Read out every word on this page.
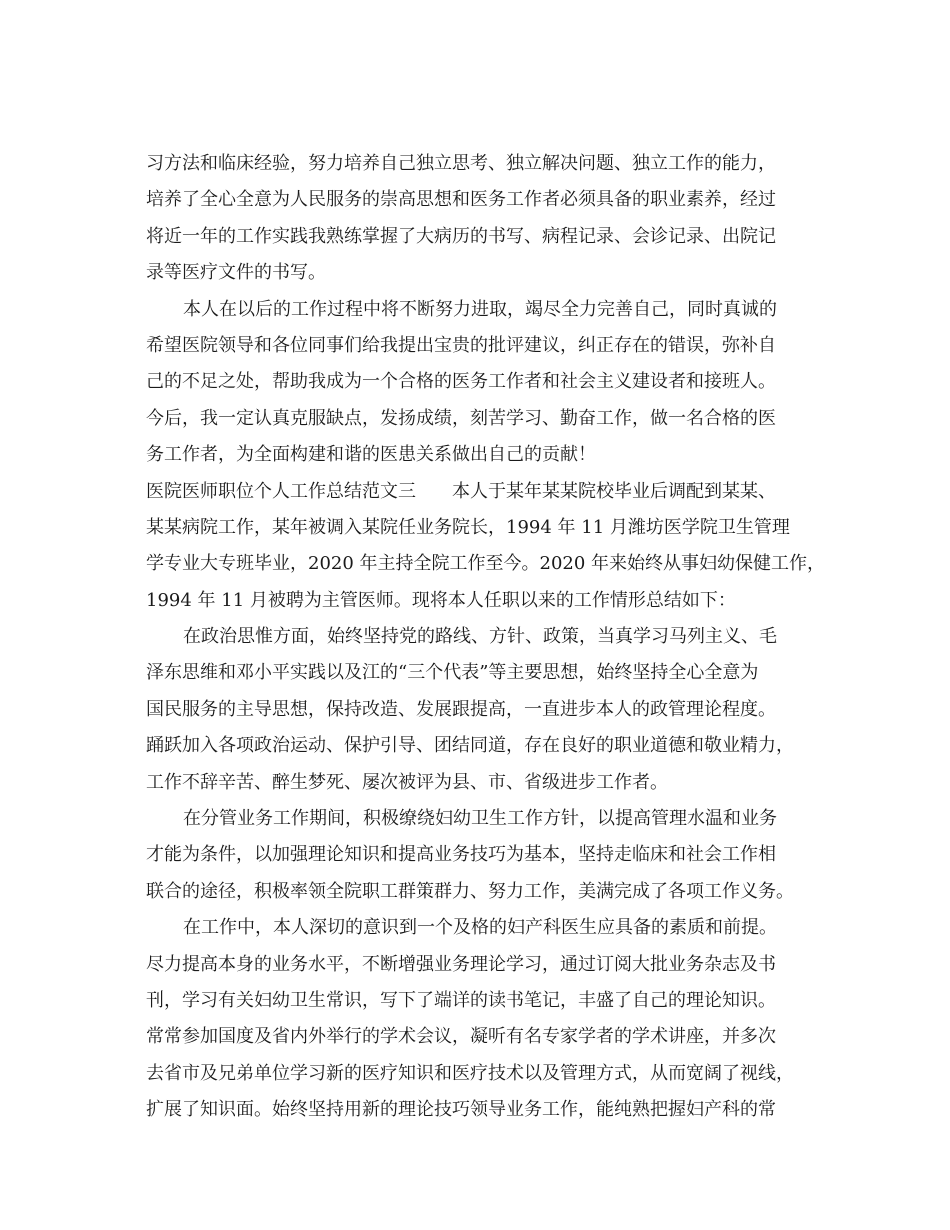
习方法和临床经验，努力培养自己独立思考、独立解决问题、独立工作的能力，
培养了全心全意为人民服务的崇高思想和医务工作者必须具备的职业素养，经过
将近一年的工作实践我熟练掌握了大病历的书写、病程记录、会诊记录、出院记
录等医疗文件的书写。
本人在以后的工作过程中将不断努力进取，竭尽全力完善自己，同时真诚的
希望医院领导和各位同事们给我提出宝贵的批评建议，纠正存在的错误，弥补自
己的不足之处，帮助我成为一个合格的医务工作者和社会主义建设者和接班人。
今后，我一定认真克服缺点，发扬成绩，刻苦学习、勤奋工作，做一名合格的医
务工作者，为全面构建和谐的医患关系做出自己的贡献！
医院医师职位个人工作总结范文三　　本人于某年某某院校毕业后调配到某某、
某某病院工作，某年被调入某院任业务院长，1994 年 11 月潍坊医学院卫生管理
学专业大专班毕业，2020 年主持全院工作至今。2020 年来始终从事妇幼保健工作，
1994 年 11 月被聘为主管医师。现将本人任职以来的工作情形总结如下：
在政治思惟方面，始终坚持党的路线、方针、政策，当真学习马列主义、毛
泽东思维和邓小平实践以及江的“三个代表”等主要思想，始终坚持全心全意为
国民服务的主导思想，保持改造、发展跟提高，一直进步本人的政管理论程度。
踊跃加入各项政治运动、保护引导、团结同道，存在良好的职业道德和敬业精力，
工作不辞辛苦、醉生梦死、屡次被评为县、市、省级进步工作者。
在分管业务工作期间，积极缭绕妇幼卫生工作方针，以提高管理水温和业务
才能为条件，以加强理论知识和提高业务技巧为基本，坚持走临床和社会工作相
联合的途径，积极率领全院职工群策群力、努力工作，美满完成了各项工作义务。
在工作中，本人深切的意识到一个及格的妇产科医生应具备的素质和前提。
尽力提高本身的业务水平，不断增强业务理论学习，通过订阅大批业务杂志及书
刊，学习有关妇幼卫生常识，写下了端详的读书笔记，丰盛了自己的理论知识。
常常参加国度及省内外举行的学术会议，凝听有名专家学者的学术讲座，并多次
去省市及兄弟单位学习新的医疗知识和医疗技术以及管理方式，从而宽阔了视线，
扩展了知识面。始终坚持用新的理论技巧领导业务工作，能纯熟把握妇产科的常
